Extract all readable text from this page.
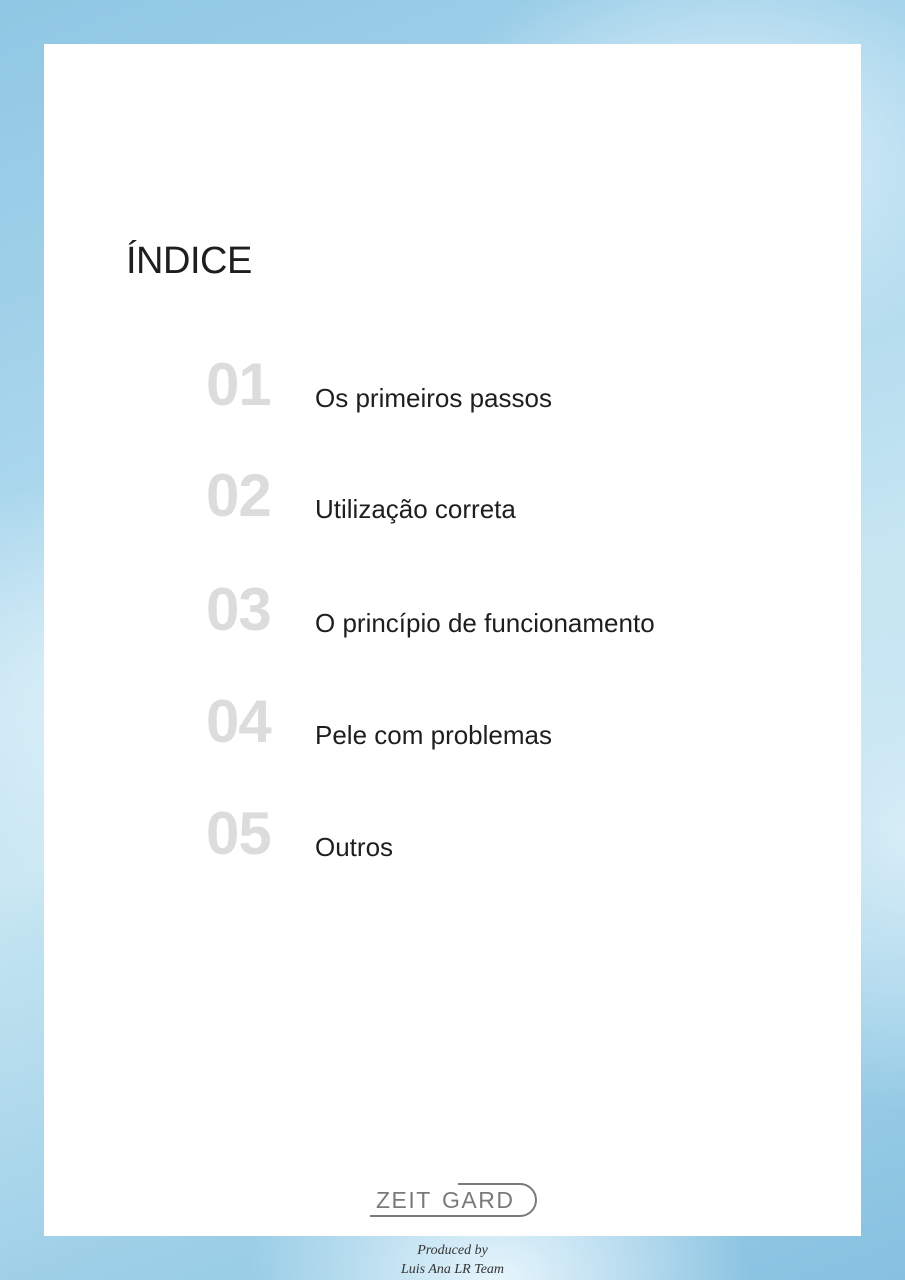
ÍNDICE
01 Os primeiros passos
02 Utilização correta
03 O princípio de funcionamento
04 Pele com problemas
05 Outros
ZEIT GARD
Produced by
Luis Ana LR Team
